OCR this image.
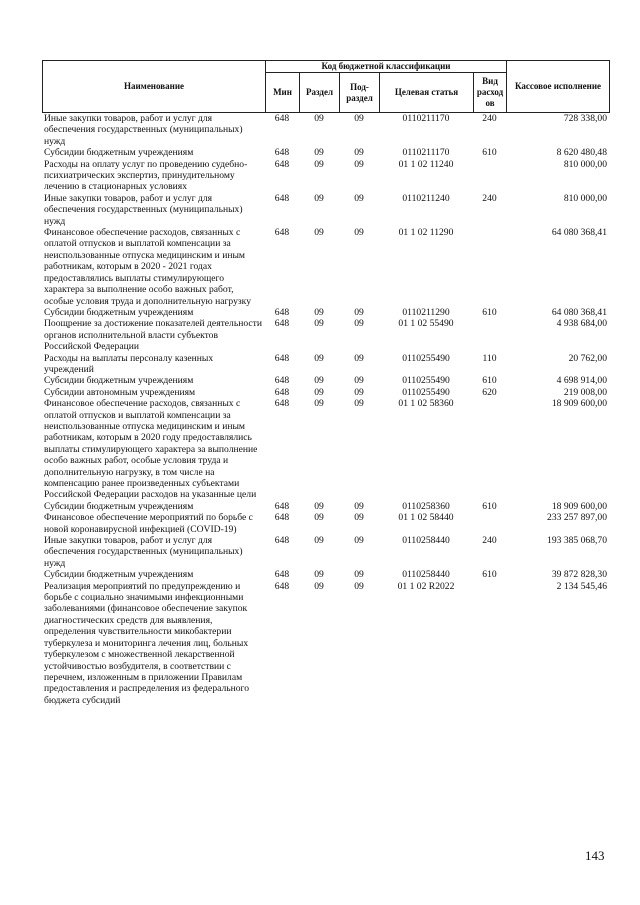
Наименование	Код бюджетной классификации					Кассовое исполнение
	Мин	Раздел	Под-раздел	Целевая статья	Вид расход ов	
Иные закупки товаров, работ и услуг для обеспечения государственных (муниципальных) нужд	648	09	09	0110211170	240	728 338,00
Субсидии бюджетным учреждениям	648	09	09	0110211170	610	8 620 480,48
Расходы на оплату услуг по проведению судебно-психиатрических экспертиз, принудительному лечению в стационарных условиях	648	09	09	01 1 02 11240		810 000,00
Иные закупки товаров, работ и услуг для обеспечения государственных (муниципальных) нужд	648	09	09	0110211240	240	810 000,00
Финансовое обеспечение расходов, связанных с оплатой отпусков и выплатой компенсации за неиспользованные отпуска медицинским и иным работникам, которым в 2020 - 2021 годах предоставлялись выплаты стимулирующего характера за выполнение особо важных работ, особые условия труда и дополнительную нагрузку	648	09	09	01 1 02 11290		64 080 368,41
Субсидии бюджетным учреждениям	648	09	09	0110211290	610	64 080 368,41
Поощрение за достижение показателей деятельности органов исполнительной власти субъектов Российской Федерации	648	09	09	01 1 02 55490		4 938 684,00
Расходы на выплаты персоналу казенных учреждений	648	09	09	0110255490	110	20 762,00
Субсидии бюджетным учреждениям	648	09	09	0110255490	610	4 698 914,00
Субсидии автономным учреждениям	648	09	09	0110255490	620	219 008,00
Финансовое обеспечение расходов, связанных с оплатой отпусков и выплатой компенсации за неиспользованные отпуска медицинским и иным работникам, которым в 2020 году предоставлялись выплаты стимулирующего характера за выполнение особо важных работ, особые условия труда и дополнительную нагрузку, в том числе на компенсацию ранее произведенных субъектами Российской Федерации расходов на указанные цели	648	09	09	01 1 02 58360		18 909 600,00
Субсидии бюджетным учреждениям	648	09	09	0110258360	610	18 909 600,00
Финансовое обеспечение мероприятий по борьбе с новой коронавирусной инфекцией (COVID-19)	648	09	09	01 1 02 58440		233 257 897,00
Иные закупки товаров, работ и услуг для обеспечения государственных (муниципальных) нужд	648	09	09	0110258440	240	193 385 068,70
Субсидии бюджетным учреждениям	648	09	09	0110258440	610	39 872 828,30
Реализация мероприятий по предупреждению и борьбе с социально значимыми инфекционными заболеваниями (финансовое обеспечение закупок диагностических средств для выявления, определения чувствительности микобактерии туберкулеза и мониторинга лечения лиц, больных туберкулезом с множественной лекарственной устойчивостью возбудителя, в соответствии с перечнем, изложенным в приложении Правилам предоставления и распределения из федерального бюджета субсидий	648	09	09	01 1 02 R2022		2 134 545,46
143
